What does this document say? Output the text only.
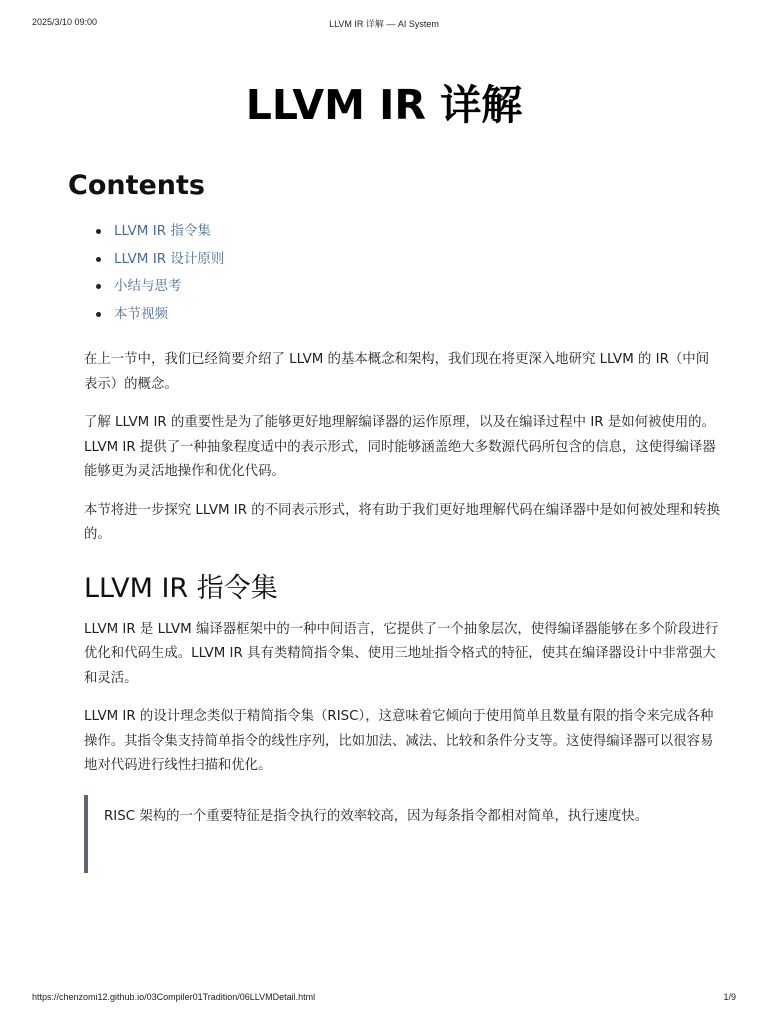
2025/3/10 09:00	LLVM IR 详解 — AI System
LLVM IR 详解
Contents
LLVM IR 指令集
LLVM IR 设计原则
小结与思考
本节视频

在上一节中，我们已经简要介绍了 LLVM 的基本概念和架构，我们现在将更深入地研究 LLVM 的 IR（中间表示）的概念。

了解 LLVM IR 的重要性是为了能够更好地理解编译器的运作原理，以及在编译过程中 IR 是如何被使用的。LLVM IR 提供了一种抽象程度适中的表示形式，同时能够涵盖绝大多数源代码所包含的信息，这使得编译器能够更为灵活地操作和优化代码。

本节将进一步探究 LLVM IR 的不同表示形式，将有助于我们更好地理解代码在编译器中是如何被处理和转换的。

LLVM IR 指令集

LLVM IR 是 LLVM 编译器框架中的一种中间语言，它提供了一个抽象层次，使得编译器能够在多个阶段进行优化和代码生成。LLVM IR 具有类精简指令集、使用三地址指令格式的特征，使其在编译器设计中非常强大和灵活。

LLVM IR 的设计理念类似于精简指令集（RISC），这意味着它倾向于使用简单且数量有限的指令来完成各种操作。其指令集支持简单指令的线性序列，比如加法、减法、比较和条件分支等。这使得编译器可以很容易地对代码进行线性扫描和优化。

RISC 架构的一个重要特征是指令执行的效率较高，因为每条指令都相对简单，执行速度快。

https://chenzomi12.github.io/03Compiler01Tradition/06LLVMDetail.html	1/9
